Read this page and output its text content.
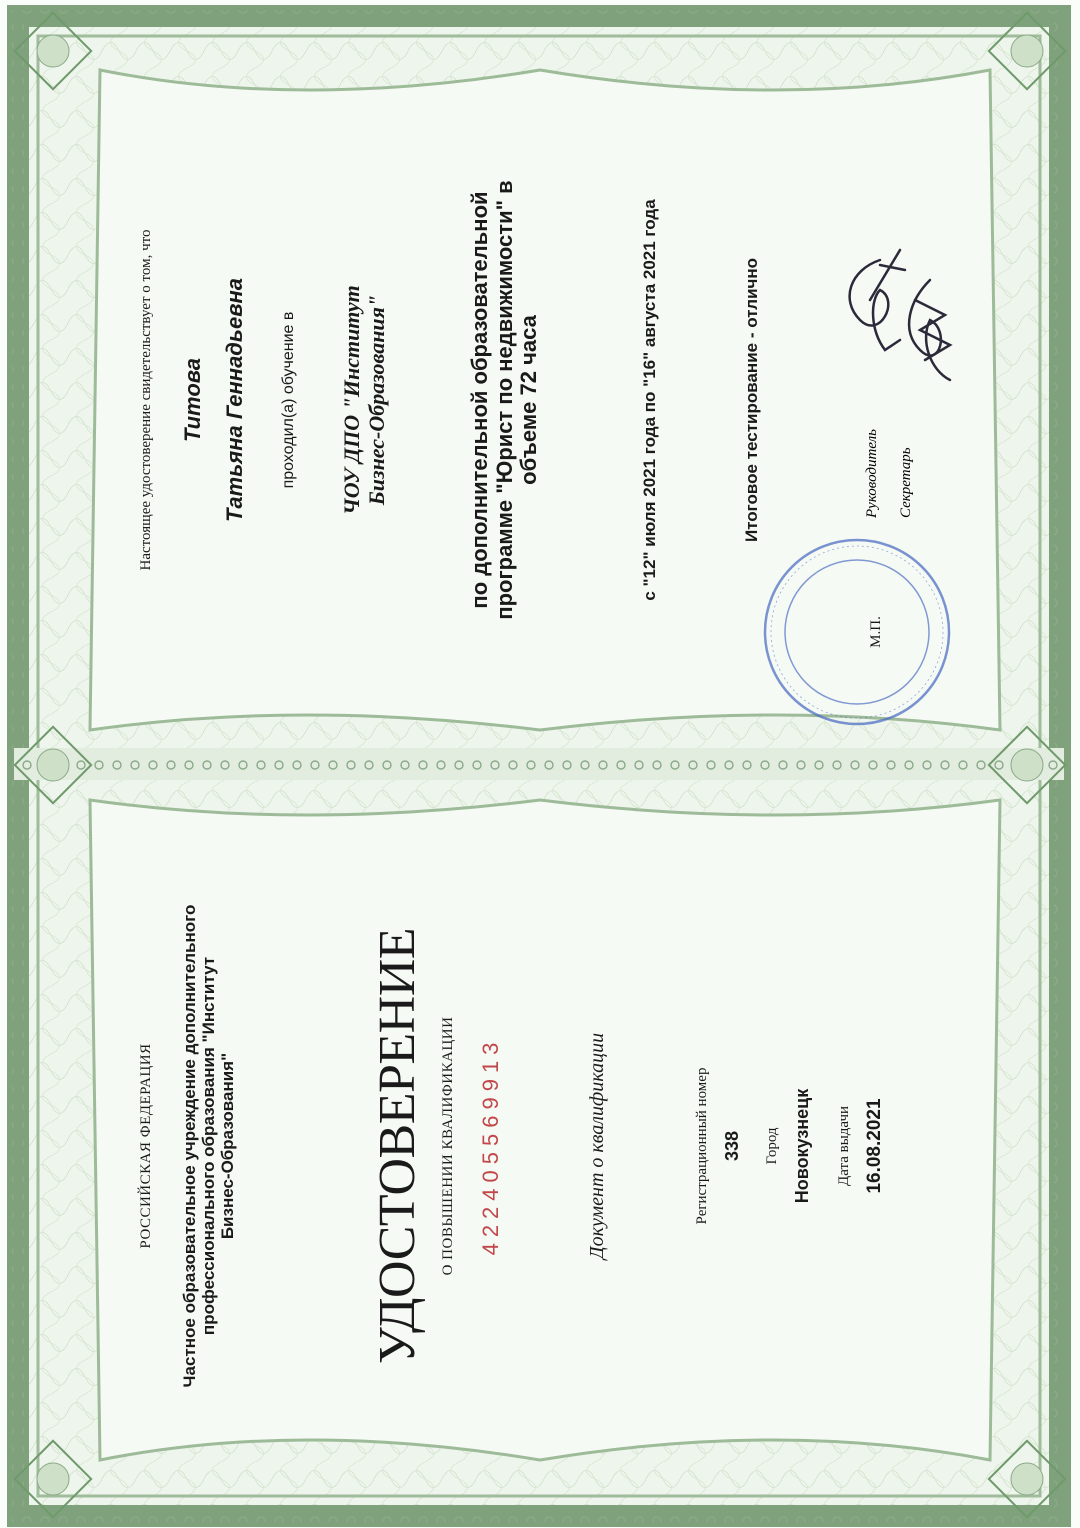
РОССИЙСКАЯ ФЕДЕРАЦИЯ Частное образовательное учреждение дополнительного профессионального образования "Институт Бизнес-Образования"	УДОСТОВЕРЕНИЕ О ПОВЫШЕНИИ КВАЛИФИКАЦИИ 422405569913	Документ о квалификации	Регистрационный номер 338 Город Новокузнецк Дата выдачи 16.08.2021
Настоящее удостоверение свидетельствует о том, что Титова Татьяна Геннадьевна проходил(а) обучение в ЧОУ ДПО "Институт Бизнес-Образования"	по дополнительной образовательной программе "Юрист по недвижимости" в объеме 72 часа	с "12" июля 2021 года по "16" августа 2021 года	Итоговое тестирование - отлично	Руководитель Секретарь
М.П.
